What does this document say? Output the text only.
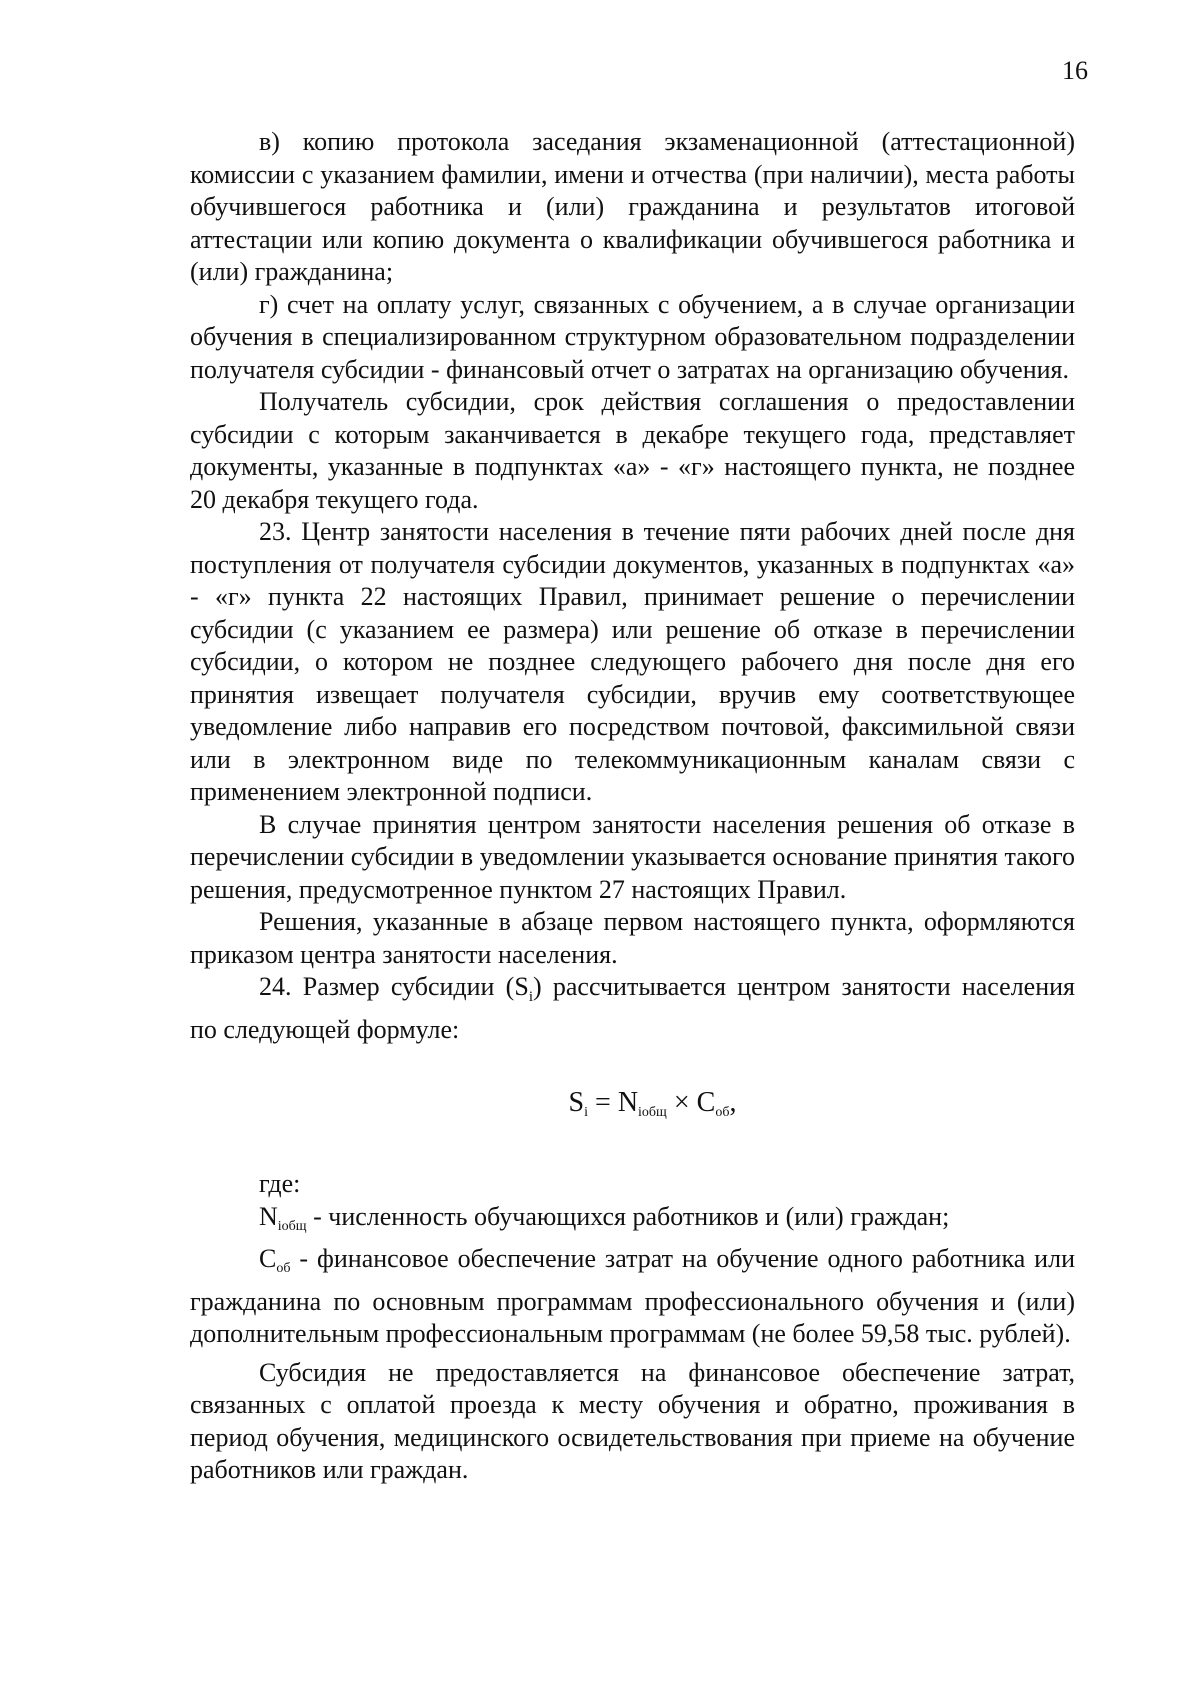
16

в) копию протокола заседания экзаменационной (аттестационной) комиссии с указанием фамилии, имени и отчества (при наличии), места работы обучившегося работника и (или) гражданина и результатов итоговой аттестации или копию документа о квалификации обучившегося работника и (или) гражданина;

г) счет на оплату услуг, связанных с обучением, а в случае организации обучения в специализированном структурном образовательном подразделении получателя субсидии - финансовый отчет о затратах на организацию обучения.

Получатель субсидии, срок действия соглашения о предоставлении субсидии с которым заканчивается в декабре текущего года, представляет документы, указанные в подпунктах «а» - «г» настоящего пункта, не позднее 20 декабря текущего года.

23. Центр занятости населения в течение пяти рабочих дней после дня поступления от получателя субсидии документов, указанных в подпунктах «а» - «г» пункта 22 настоящих Правил, принимает решение о перечислении субсидии (с указанием ее размера) или решение об отказе в перечислении субсидии, о котором не позднее следующего рабочего дня после дня его принятия извещает получателя субсидии, вручив ему соответствующее уведомление либо направив его посредством почтовой, факсимильной связи или в электронном виде по телекоммуникационным каналам связи с применением электронной подписи.

В случае принятия центром занятости населения решения об отказе в перечислении субсидии в уведомлении указывается основание принятия такого решения, предусмотренное пунктом 27 настоящих Правил.

Решения, указанные в абзаце первом настоящего пункта, оформляются приказом центра занятости населения.

24. Размер субсидии $(S_i)$ рассчитывается центром занятости населения по следующей формуле:

$S_i = N_{iобщ} \times C_{об}$,

где:

$N_{iобщ}$ - численность обучающихся работников и (или) граждан;

$C_{об}$ - финансовое обеспечение затрат на обучение одного работника или гражданина по основным программам профессионального обучения и (или) дополнительным профессиональным программам (не более 59,58 тыс. рублей).

Субсидия не предоставляется на финансовое обеспечение затрат, связанных с оплатой проезда к месту обучения и обратно, проживания в период обучения, медицинского освидетельствования при приеме на обучение работников или граждан.
